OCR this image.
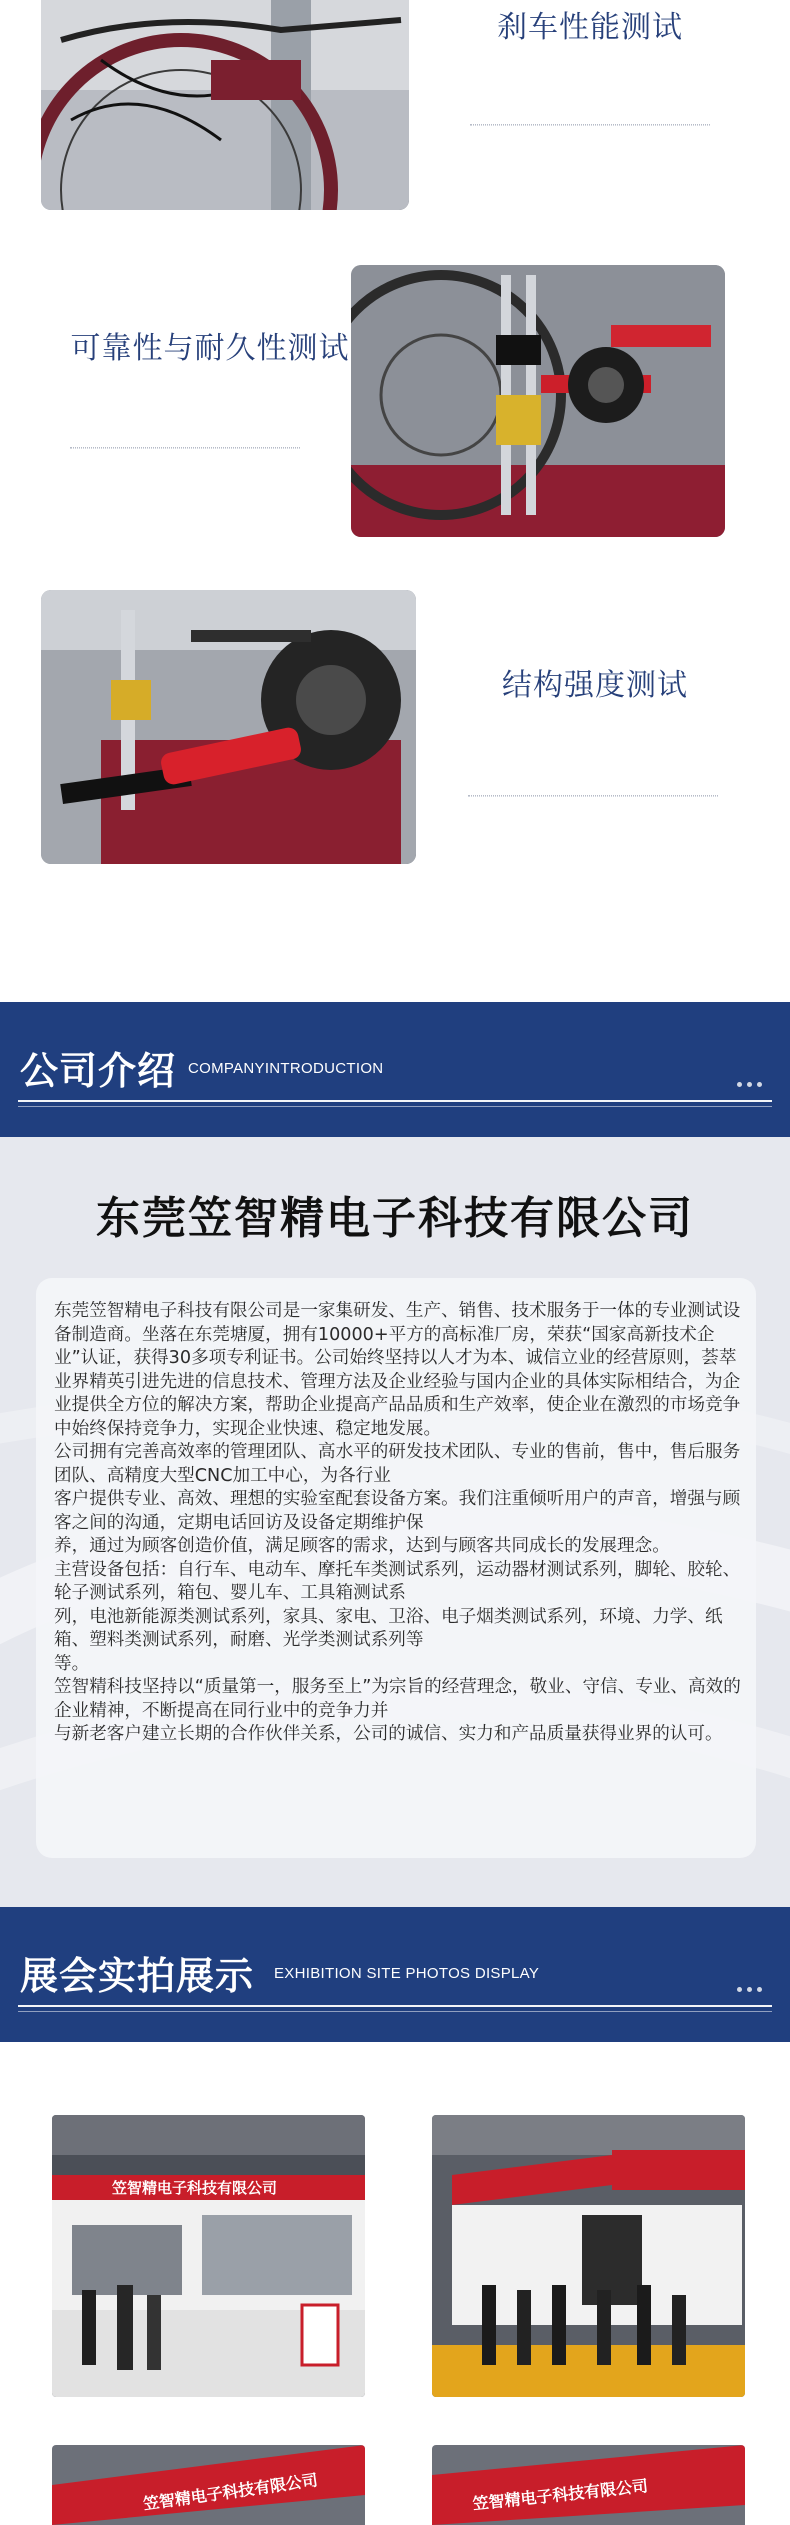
刹车性能测试
可靠性与耐久性测试
结构强度测试
公司介绍 COMPANYINTRODUCTION
东莞笠智精电子科技有限公司

东莞笠智精电子科技有限公司是一家集研发、生产、销售、技术服务于一体的专业测试设备制造商。坐落在东莞塘厦，拥有10000+平方的高标准厂房，荣获“国家高新技术企业”认证，获得30多项专利证书。公司始终坚持以人才为本、诚信立业的经营原则，荟萃业界精英引进先进的信息技术、管理方法及企业经验与国内企业的具体实际相结合，为企业提供全方位的解决方案，帮助企业提高产品品质和生产效率，使企业在激烈的市场竞争中始终保持竞争力，实现企业快速、稳定地发展。

公司拥有完善高效率的管理团队、高水平的研发技术团队、专业的售前，售中，售后服务团队、高精度大型CNC加工中心，为各行业

客户提供专业、高效、理想的实验室配套设备方案。我们注重倾听用户的声音，增强与顾客之间的沟通，定期电话回访及设备定期维护保

养，通过为顾客创造价值，满足顾客的需求，达到与顾客共同成长的发展理念。

主营设备包括：自行车、电动车、摩托车类测试系列，运动器材测试系列，脚轮、胶轮、轮子测试系列，箱包、婴儿车、工具箱测试系

列，电池新能源类测试系列，家具、家电、卫浴、电子烟类测试系列，环境、力学、纸箱、塑料类测试系列，耐磨、光学类测试系列等

等。

笠智精科技坚持以“质量第一，服务至上”为宗旨的经营理念，敬业、守信、专业、高效的企业精神，不断提高在同行业中的竞争力并

与新老客户建立长期的合作伙伴关系，公司的诚信、实力和产品质量获得业界的认可。

展会实拍展示 EXHIBITION SITE PHOTOS DISPLAY
笠智精电子科技有限公司
笠智精电子科技有限公司	笠智精电子科技有限公司
